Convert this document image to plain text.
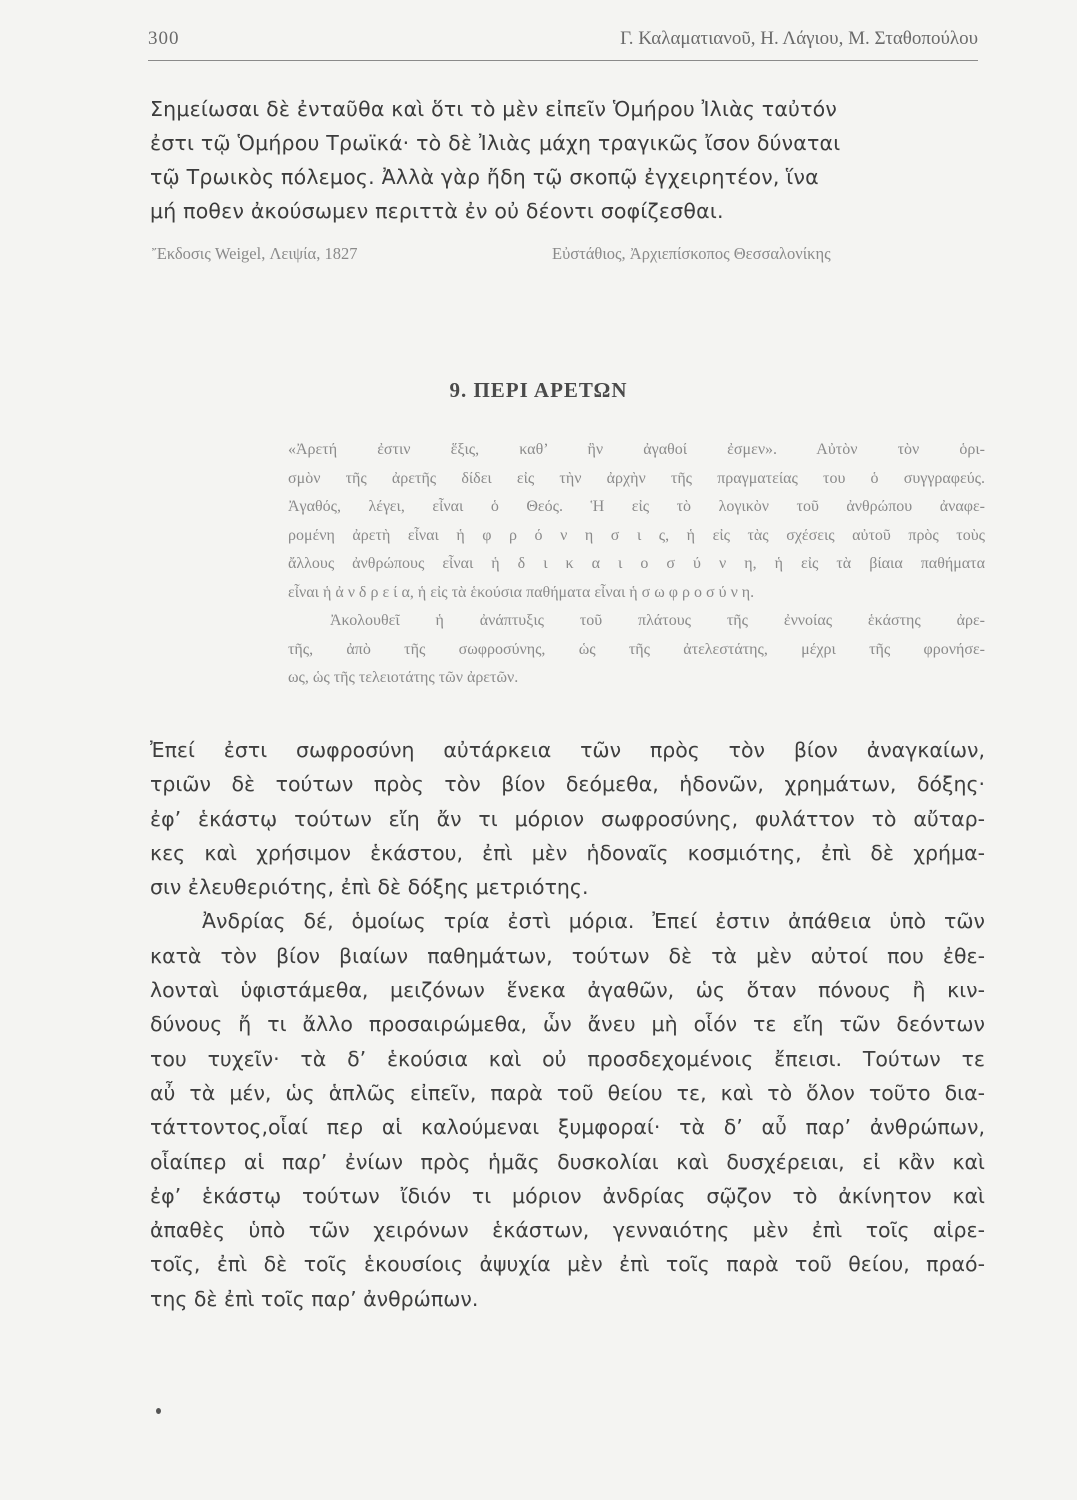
300	Γ. Καλαματιανοῦ, Η. Λάγιου, Μ. Σταθοπούλου
Σημείωσαι δὲ ἐνταῦθα καὶ ὅτι τὸ μὲν εἰπεῖν Ὁμήρου Ἰλιὰς ταὐτόν
ἐστι τῷ Ὁμήρου Τρωϊκά· τὸ δὲ Ἰλιὰς μάχη τραγικῶς ἴσον δύναται
τῷ Τρωικὸς πόλεμος. Ἀλλὰ γὰρ ἤδη τῷ σκοπῷ ἐγχειρητέον, ἵνα
μή ποθεν ἀκούσωμεν περιττὰ ἐν οὐ δέοντι σοφίζεσθαι.
Ἔκδοσις Weigel, Λειψία, 1827	Εὐστάθιος, Ἀρχιεπίσκοπος Θεσσαλονίκης
9. ΠΕΡΙ ΑΡΕΤΩΝ
«Ἀρετή ἐστιν ἕξις, καθ’ ἣν ἀγαθοί ἐσμεν». Αὐτὸν τὸν ὁρι-
σμὸν τῆς ἀρετῆς δίδει εἰς τὴν ἀρχὴν τῆς πραγματείας του ὁ συγγραφεύς.
Ἀγαθός, λέγει, εἶναι ὁ Θεός. Ἡ εἰς τὸ λογικὸν τοῦ ἀνθρώπου ἀναφε-
ρομένη ἀρετὴ εἶναι ἡ φ ρ ό ν η σ ι ς, ἡ εἰς τὰς σχέσεις αὐτοῦ πρὸς τοὺς
ἄλλους ἀνθρώπους εἶναι ἡ δ ι κ α ι ο σ ύ ν η, ἡ εἰς τὰ βίαια παθήματα
εἶναι ἡ ἀ ν δ ρ ε ί α, ἡ εἰς τὰ ἑκούσια παθήματα εἶναι ἡ σ ω φ ρ ο σ ύ ν η.
Ἀκολουθεῖ ἡ ἀνάπτυξις τοῦ πλάτους τῆς ἐννοίας ἑκάστης ἀρε-
τῆς, ἀπὸ τῆς σωφροσύνης, ὡς τῆς ἀτελεστάτης, μέχρι τῆς φρονήσε-
ως, ὡς τῆς τελειοτάτης τῶν ἀρετῶν.
Ἐπεί ἐστι σωφροσύνη αὐτάρκεια τῶν πρὸς τὸν βίον ἀναγκαίων,
τριῶν δὲ τούτων πρὸς τὸν βίον δεόμεθα, ἡδονῶν, χρημάτων, δόξης·
ἐφ’ ἑκάστῳ τούτων εἴη ἄν τι μόριον σωφροσύνης, φυλάττον τὸ αὔταρ-
κες καὶ χρήσιμον ἑκάστου, ἐπὶ μὲν ἡδοναῖς κοσμιότης, ἐπὶ δὲ χρήμα-
σιν ἐλευθεριότης, ἐπὶ δὲ δόξης μετριότης.
Ἀνδρίας δέ, ὁμοίως τρία ἐστὶ μόρια. Ἐπεί ἐστιν ἀπάθεια ὑπὸ τῶν
κατὰ τὸν βίον βιαίων παθημάτων, τούτων δὲ τὰ μὲν αὐτοί που ἐθε-
λονταὶ ὑφιστάμεθα, μειζόνων ἕνεκα ἀγαθῶν, ὡς ὅταν πόνους ἢ κιν-
δύνους ἤ τι ἄλλο προσαιρώμεθα, ὧν ἄνευ μὴ οἷόν τε εἴη τῶν δεόντων
του τυχεῖν· τὰ δ’ ἑκούσια καὶ οὐ προσδεχομένοις ἔπεισι. Τούτων τε
αὖ τὰ μέν, ὡς ἁπλῶς εἰπεῖν, παρὰ τοῦ θείου τε, καὶ τὸ ὅλον τοῦτο δια-
τάττοντος,οἷαί περ αἱ καλούμεναι ξυμφοραί· τὰ δ’ αὖ παρ’ ἀνθρώπων,
οἷαίπερ αἱ παρ’ ἐνίων πρὸς ἡμᾶς δυσκολίαι καὶ δυσχέρειαι, εἰ κἂν καὶ
ἐφ’ ἑκάστῳ τούτων ἴδιόν τι μόριον ἀνδρίας σῷζον τὸ ἀκίνητον καὶ
ἀπαθὲς ὑπὸ τῶν χειρόνων ἑκάστων, γενναιότης μὲν ἐπὶ τοῖς αἱρε-
τοῖς, ἐπὶ δὲ τοῖς ἑκουσίοις ἀψυχία μὲν ἐπὶ τοῖς παρὰ τοῦ θείου, πραό-
της δὲ ἐπὶ τοῖς παρ’ ἀνθρώπων.
